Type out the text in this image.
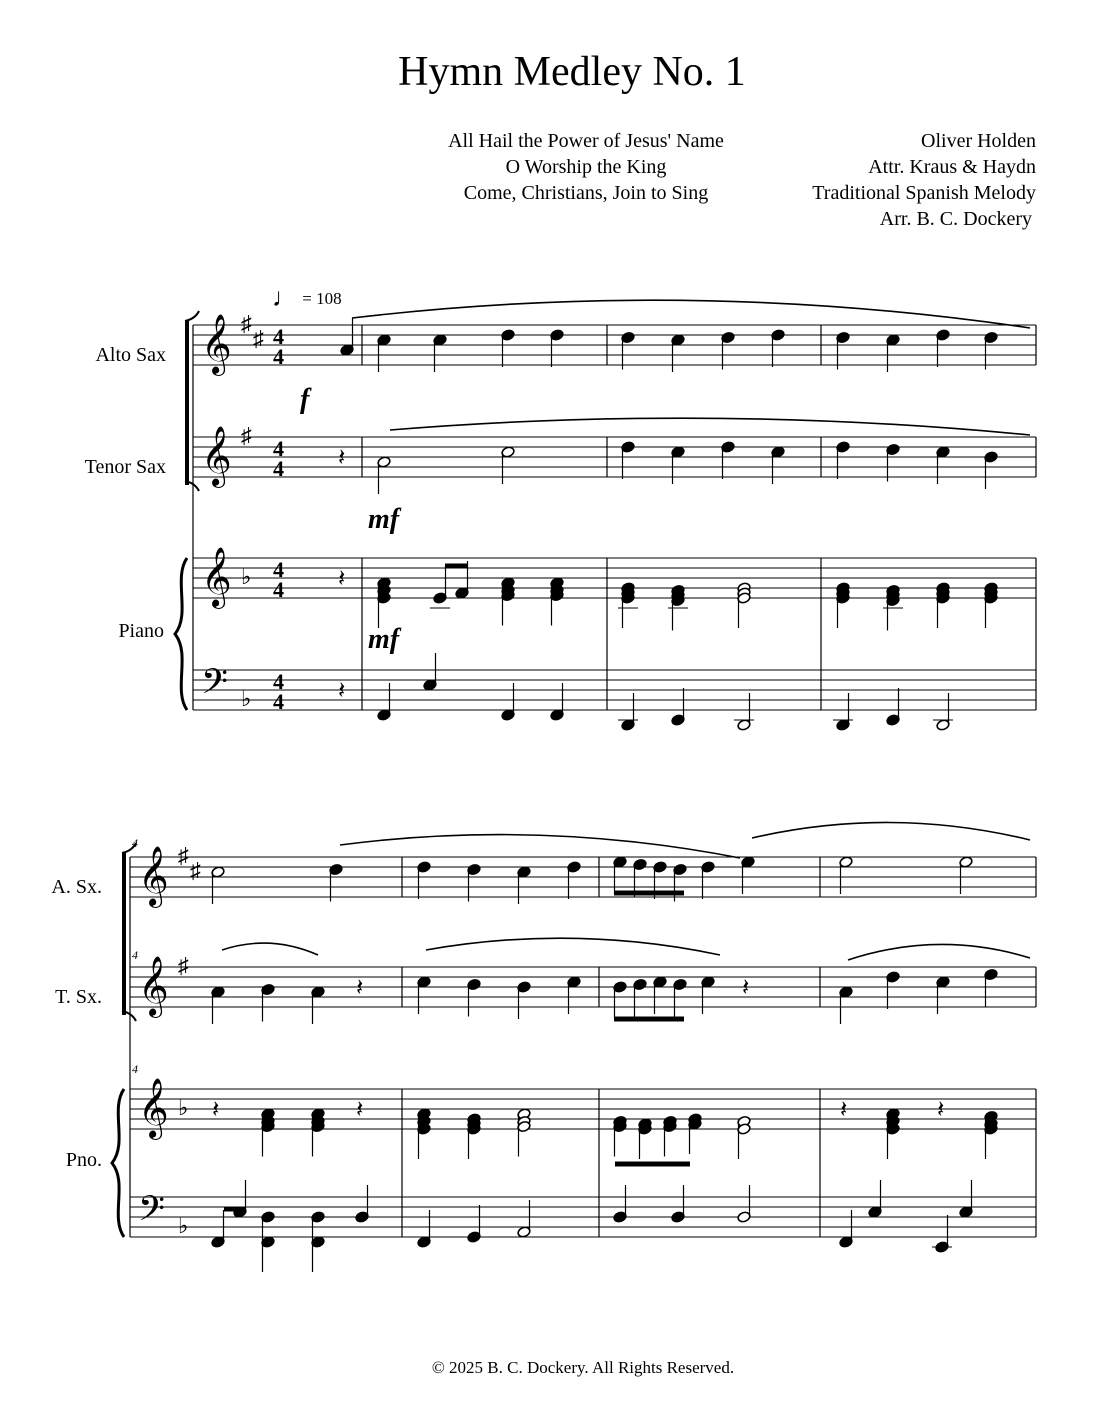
Hymn Medley No. 1
All Hail the Power of Jesus' Name
O Worship the King
Come, Christians, Join to Sing
Oliver Holden
Attr. Kraus & Haydn
Traditional Spanish Melody
Arr. B. C. Dockery
♩ = 108
Alto Sax
Tenor Sax
Piano
A. Sx.
T. Sx.
Pno.
4
4
4
© 2025 B. C. Dockery. All Rights Reserved.
𝄞 4
4
𝄞 4
4
𝄞 4
4
𝄢 4
4
♯
♯
♯
♭
♭
𝄞
𝄞
𝄞
𝄢
♯
♯
♯
♭
♭
𝄽
𝄽
𝄽
𝄽	𝄽
𝄽	𝄽	𝄽	𝄽
f
mf
mf
